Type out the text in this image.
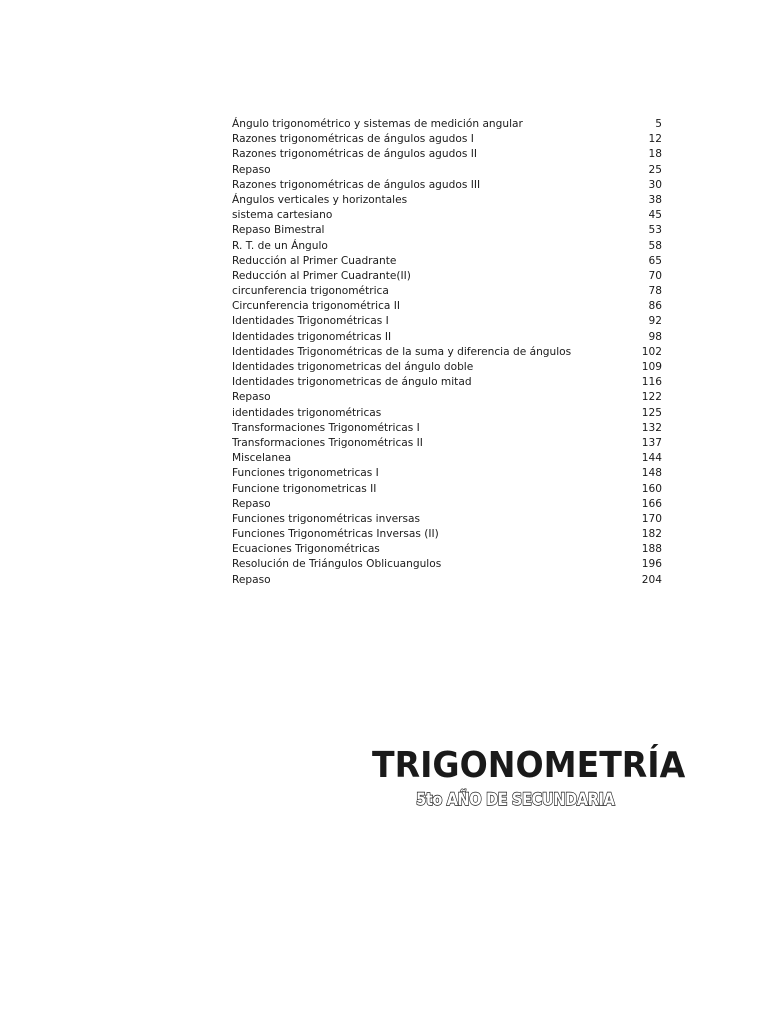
Ángulo trigonométrico y sistemas de medición angular	5
Razones trigonométricas de ángulos agudos I	12
Razones trigonométricas de ángulos agudos II	18
Repaso	25
Razones trigonométricas de ángulos agudos III	30
Ángulos verticales y horizontales	38
sistema cartesiano	45
Repaso Bimestral	53
R. T. de un Ángulo	58
Reducción al Primer Cuadrante	65
Reducción al Primer Cuadrante(II)	70
circunferencia trigonométrica	78
Circunferencia trigonométrica II	86
Identidades Trigonométricas I	92
Identidades trigonométricas II	98
Identidades Trigonométricas de la suma y diferencia de ángulos	102
Identidades trigonometricas del ángulo doble	109
Identidades trigonometricas de ángulo mitad	116
Repaso	122
identidades trigonométricas	125
Transformaciones Trigonométricas I	132
Transformaciones Trigonométricas II	137
Miscelanea	144
Funciones trigonometricas I	148
Funcione trigonometricas II	160
Repaso	166
Funciones trigonométricas inversas	170
Funciones Trigonométricas Inversas (II)	182
Ecuaciones Trigonométricas	188
Resolución de Triángulos Oblicuangulos	196
Repaso	204
TRIGONOMETRÍA
5to AÑO DE SECUNDARIA
